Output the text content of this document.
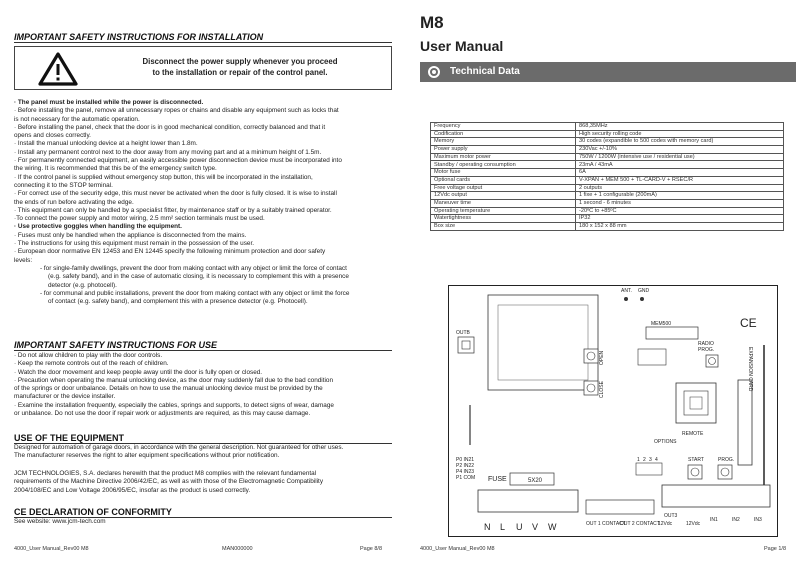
IMPORTANT SAFETY INSTRUCTIONS FOR INSTALLATION
Disconnect the power supply whenever you proceed
to the installation or repair of the control panel.

· The panel must be installed while the power is disconnected.

· Before installing the panel, remove all unnecessary ropes or chains and disable any equipment such as locks that

is not necessary for the automatic operation.

· Before installing the panel, check that the door is in good mechanical condition, correctly balanced and that it

opens and closes correctly.

· Install the manual unlocking device at a height lower than 1.8m.

· Install any permanent control next to the door away from any moving part and at a minimum height of 1.5m.

· For permanently connected equipment, an easily accessible power disconnection device must be incorporated into

the wiring. It is recommended that this be of the emergency switch type.

· If the control panel is supplied without emergency stop button, this will be incorporated in the installation,

connecting it to the STOP terminal.

· For correct use of the security edge, this must never be activated when the door is fully closed. It is wise to install

the ends of run before activating the edge.

· This equipment can only be handled by a specialist fitter, by maintenance staff or by a suitably trained operator.

·To connect the power supply and motor wiring, 2.5 mm² section terminals must be used.

· Use protective goggles when handling the equipment.

· Fuses must only be handled when the appliance is disconnected from the mains.

· The instructions for using this equipment must remain in the possession of the user.

· European door normative EN 12453 and EN 12445 specify the following minimum protection and door safety

levels:

- for single-family dwellings, prevent the door from making contact with any object or limit the force of contact

(e.g. safety band), and in the case of automatic closing, it is necessary to complement this with a presence

detector (e.g. photocell).

- for communal and public installations, prevent the door from making contact with any object or limit the force

of contact (e.g. safety band), and complement this with a presence detector (e.g. Photocell).

IMPORTANT SAFETY INSTRUCTIONS FOR USE

· Do not allow children to play with the door controls.

· Keep the remote controls out of the reach of children.

· Watch the door movement and keep people away until the door is fully open or closed.

· Precaution when operating the manual unlocking device, as the door may suddenly fall due to the bad condition

of the springs or door unbalance. Details on how to use the manual unlocking device must be provided by the

manufacturer or the device installer.

· Examine the installation frequently, especially the cables, springs and supports, to detect signs of wear, damage

or unbalance. Do not use the door if repair work or adjustments are required, as this may cause damage.

USE OF THE EQUIPMENT

Designed for automation of garage doors, in accordance with the general description. Not guaranteed for other uses.

The manufacturer reserves the right to alter equipment specifications without prior notification.

JCM TECHNOLOGIES, S.A. declares herewith that the product M8 complies with the relevant fundamental

requirements of the Machine Directive 2006/42/EC, as well as with those of the Electromagnetic Compatibility

2004/108/EC and Low Voltage 2006/95/EC, insofar as the product is used correctly.

CE DECLARATION OF CONFORMITY
See website: www.jcm-tech.com
4000_User Manual_Rev00 M8	MAN000000	Page 8/8
M8
User Manual
Technical Data
Frequency	868,35MHz
Codification	High security rolling code
Memory	30 codes (expandible to 500 codes with memory card)
Power supply	230Vac +/-10%
Maximum motor power	750W / 1200W (intensive use / residential use)
Standby / operating consumption	23mA / 43mA
Motor fuse	6A
Optional cards	V-XPAN + MEM 500 + TL-CARD-V + RSEC/R
Free voltage output	2 outputs
12Vdc output	1 fixe + 1 configurable (200mA)
Maneuver time	1 second - 6 minutes
Operating temperature	-20ºC to +85ºC
Watertightness	IP32
Box size	180 x 152 x 88 mm
ANT. GND
MEM500	CE
OUTB
OPEN
CLOSE
RADIO
PROG.
REMOTE
OPTIONS
EXPANSION CARD
1 2 3 4	START	PROG.
P0 IN21
P2 IN22
P4 IN23
P1 COM FUSE	5X20
N L U V W	OUT 1 CONTACT
OUT 2 CONTACT
OUT3
12Vdc	12Vdc
IN1	IN2	IN3
4000_User Manual_Rev00 M8	Page 1/8
